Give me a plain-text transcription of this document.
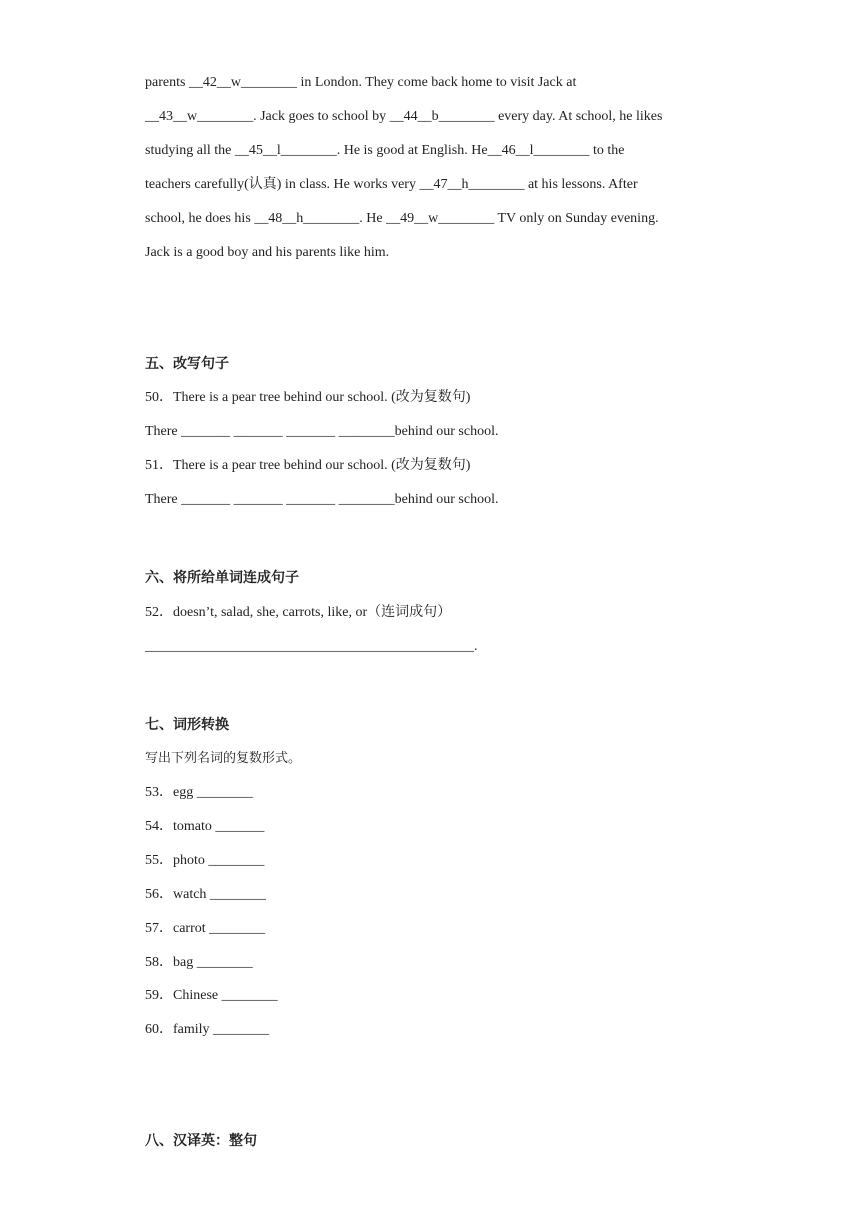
parents __42__w________ in London. They come back home to visit Jack at
__43__w________. Jack goes to school by __44__b________ every day. At school, he likes
studying all the __45__l________. He is good at English. He__46__l________ to the
teachers carefully(认真) in class. He works very __47__h________ at his lessons. After
school, he does his __48__h________. He __49__w________ TV only on Sunday evening.
Jack is a good boy and his parents like him.
五、改写句子
50．There is a pear tree behind our school. (改为复数句)
There _______ _______ _______ ________behind our school.
51．There is a pear tree behind our school. (改为复数句)
There _______ _______ _______ ________behind our school.
六、将所给单词连成句子
52．doesn’t, salad, she, carrots, like, or（连词成句）
_______________________________________________.
七、词形转换
写出下列名词的复数形式。
53．egg ________
54．tomato _______
55．photo ________
56．watch ________
57．carrot ________
58．bag ________
59．Chinese ________
60．family ________
八、汉译英：整句
